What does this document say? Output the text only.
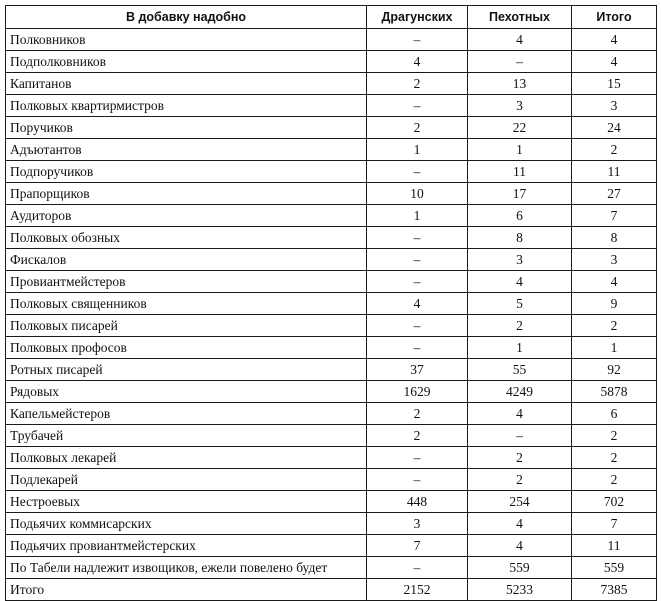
В добавку надобно	Драгунских	Пехотных	Итого
Полковников	–	4	4
Подполковников	4	–	4
Капитанов	2	13	15
Полковых квартирмистров	–	3	3
Поручиков	2	22	24
Адъютантов	1	1	2
Подпоручиков	–	11	11
Прапорщиков	10	17	27
Аудиторов	1	6	7
Полковых обозных	–	8	8
Фискалов	–	3	3
Провиантмейстеров	–	4	4
Полковых священников	4	5	9
Полковых писарей	–	2	2
Полковых профосов	–	1	1
Ротных писарей	37	55	92
Рядовых	1629	4249	5878
Капельмейстеров	2	4	6
Трубачей	2	–	2
Полковых лекарей	–	2	2
Подлекарей	–	2	2
Нестроевых	448	254	702
Подьячих коммисарских	3	4	7
Подьячих провиантмейстерских	7	4	11
По Табели надлежит извощиков, ежели повелено будет	–	559	559
Итого	2152	5233	7385
